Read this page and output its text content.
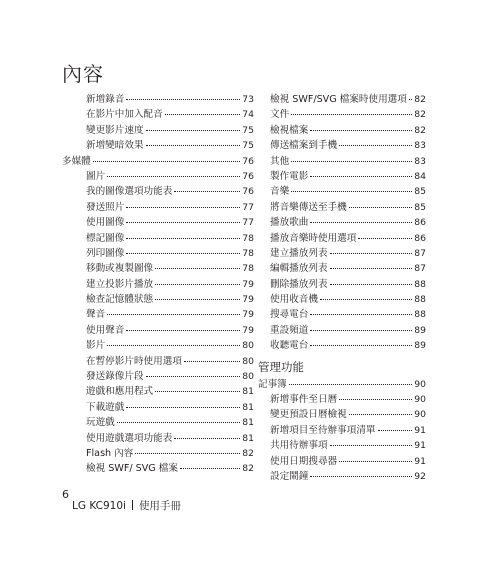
內容
新增錄音	73
在影片中加入配音	74
變更影片速度	75
新增變暗效果	75
多媒體	76
圖片	76
我的圖像選項功能表	76
發送照片	77
使用圖像	77
標記圖像	78
列印圖像	78
移動或複製圖像	78
建立投影片播放	79
檢查記憶體狀態	79
聲音	79
使用聲音	79
影片	80
在暫停影片時使用選項	80
發送錄像片段	80
遊戲和應用程式	81
下載遊戲	81
玩遊戲	81
使用遊戲選項功能表	81
Flash 內容	82
檢視 SWF/ SVG 檔案	82
檢視 SWF/SVG 檔案時使用選項 82
文件	82
檢視檔案	82
傳送檔案到手機	83
其他	83
製作電影	84
音樂	85
將音樂傳送至手機	85
播放歌曲	86
播放音樂時使用選項	86
建立播放列表	87
編輯播放列表	87
刪除播放列表	88
使用收音機	88
搜尋電台	88
重設頻道	89
收聽電台	89
管理功能
記事簿	90
新增事件至日曆	90
變更預設日曆檢視	90
新增項目至待辦事項清單	91
共用待辦事項	91
使用日期搜尋器	91
設定鬧鐘	92
6
LG KC910i 使用手冊
